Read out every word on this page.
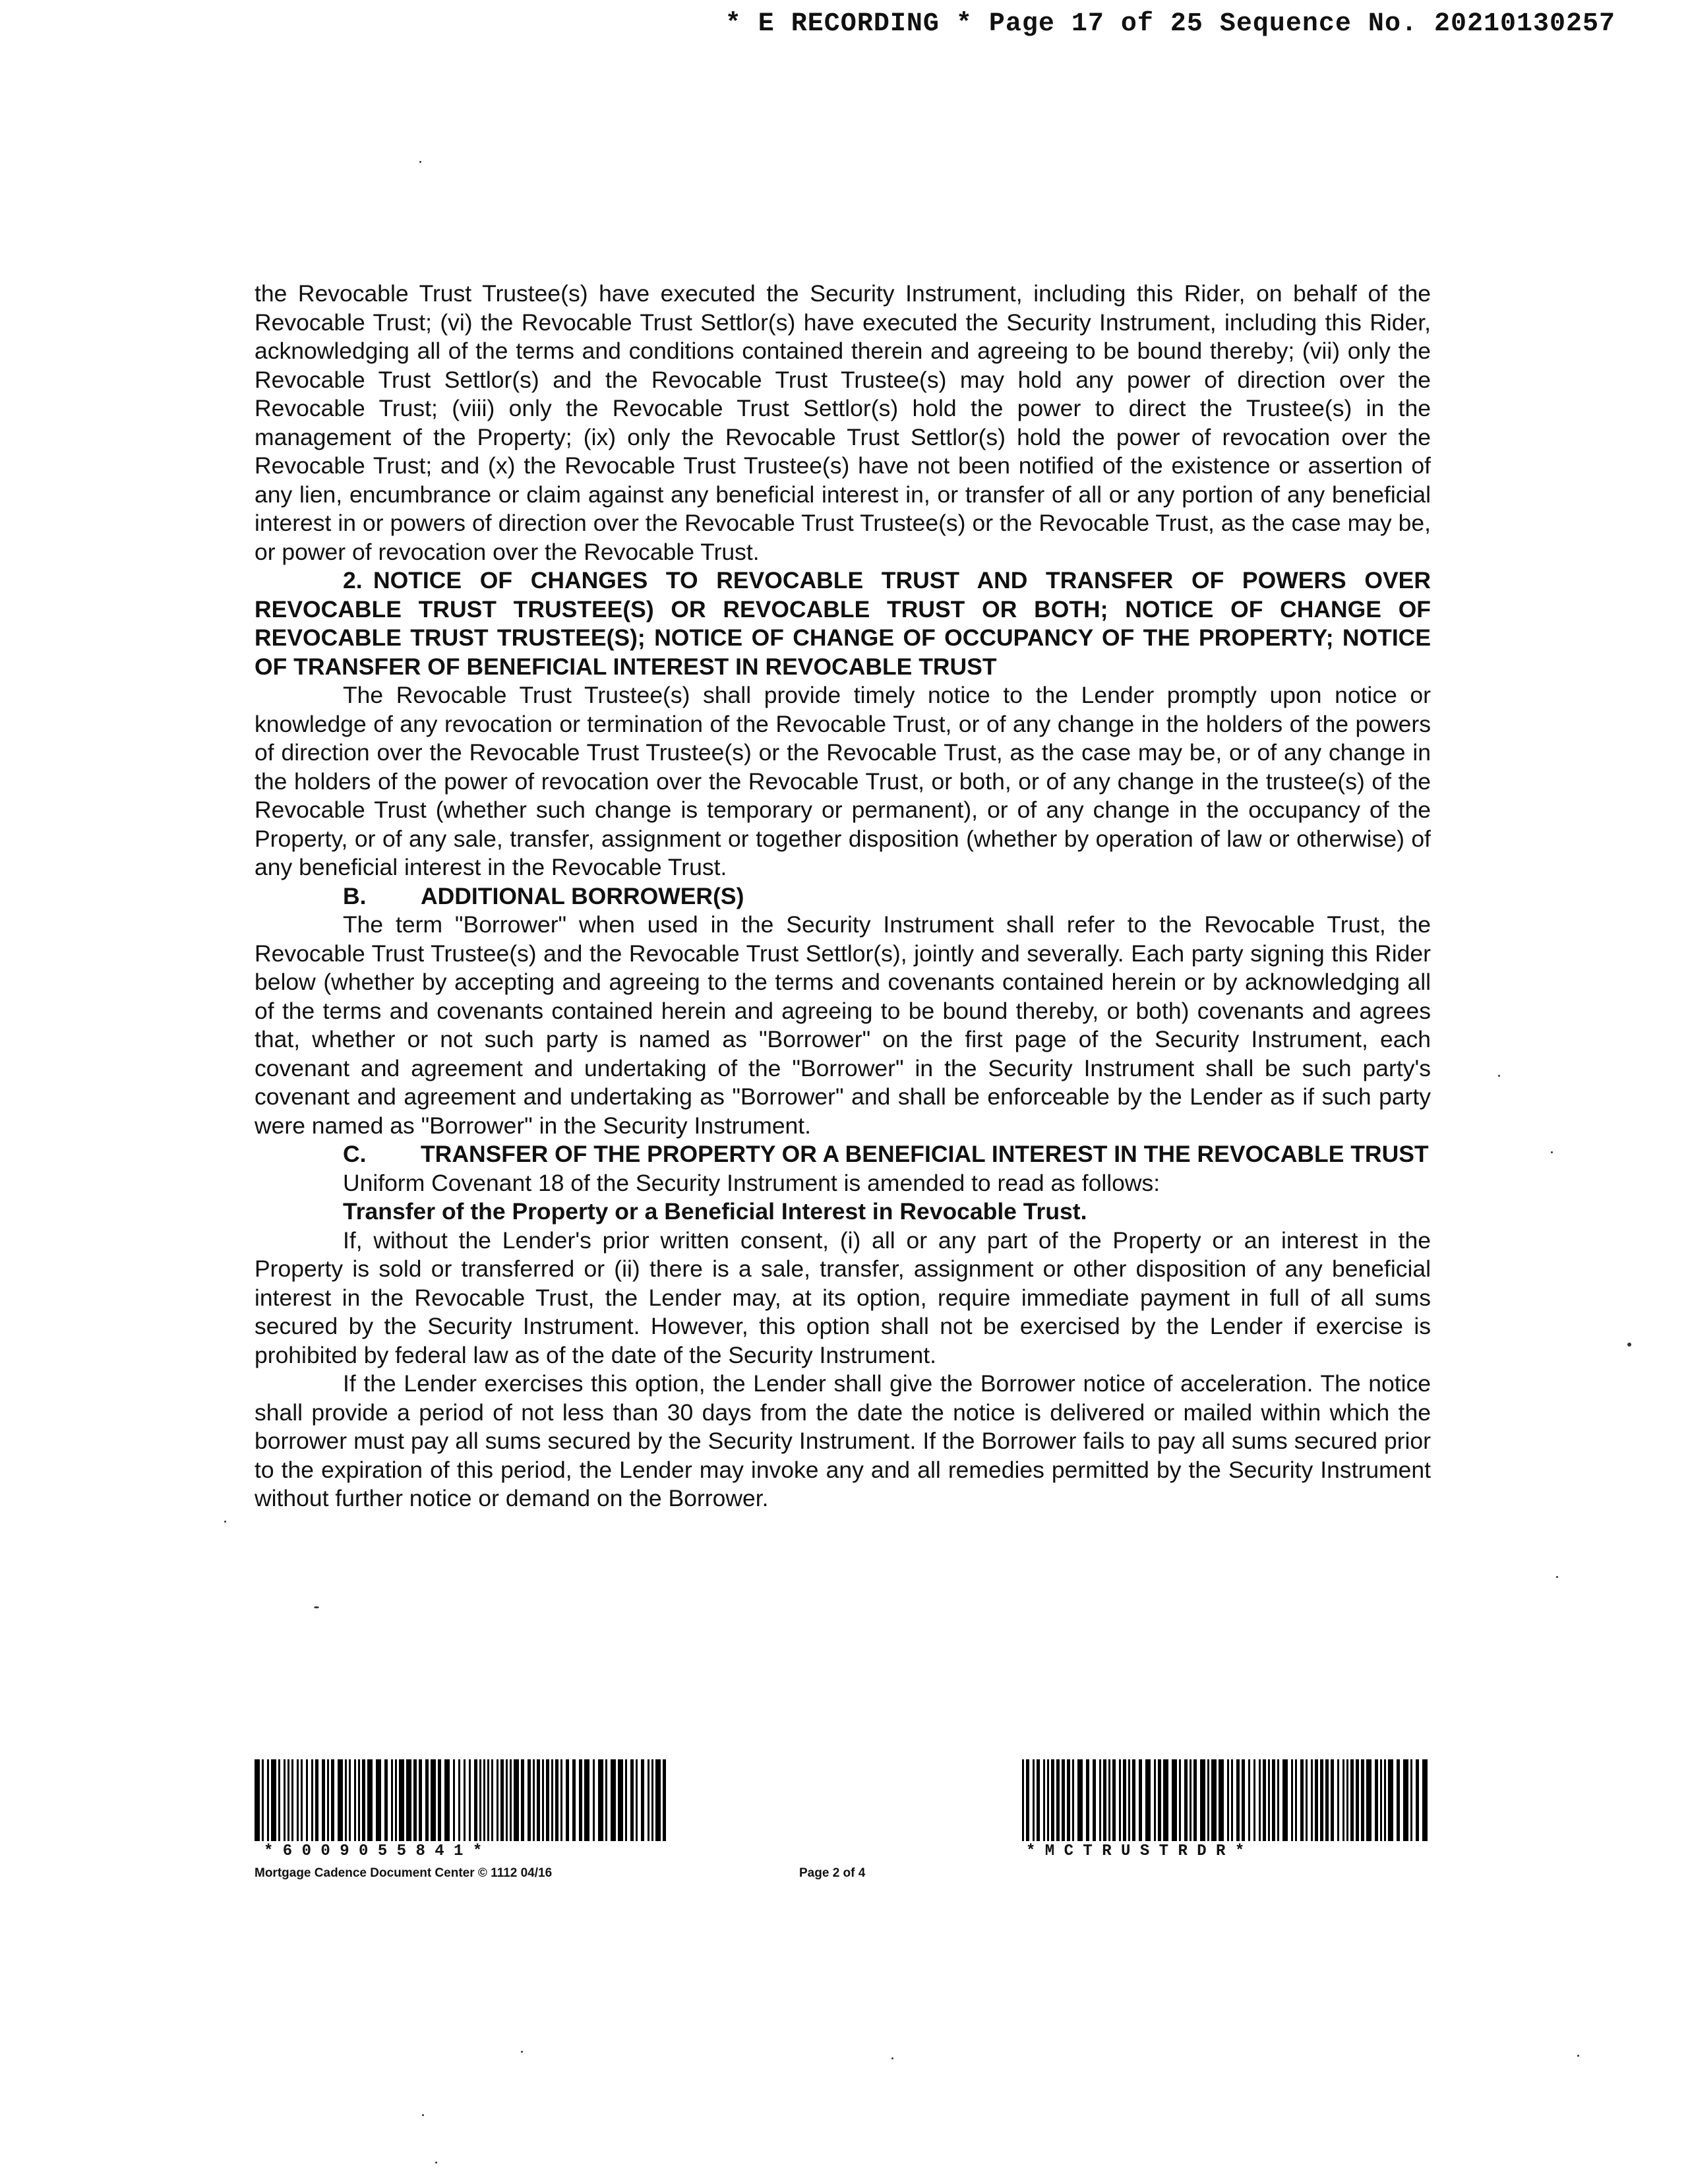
* E RECORDING * Page 17 of 25 Sequence No. 20210130257

the Revocable Trust Trustee(s) have executed the Security Instrument, including this Rider, on behalf of the Revocable Trust; (vi) the Revocable Trust Settlor(s) have executed the Security Instrument, including this Rider, acknowledging all of the terms and conditions contained therein and agreeing to be bound thereby; (vii) only the Revocable Trust Settlor(s) and the Revocable Trust Trustee(s) may hold any power of direction over the Revocable Trust; (viii) only the Revocable Trust Settlor(s) hold the power to direct the Trustee(s) in the management of the Property; (ix) only the Revocable Trust Settlor(s) hold the power of revocation over the Revocable Trust; and (x) the Revocable Trust Trustee(s) have not been notified of the existence or assertion of any lien, encumbrance or claim against any beneficial interest in, or transfer of all or any portion of any beneficial interest in or powers of direction over the Revocable Trust Trustee(s) or the Revocable Trust, as the case may be, or power of revocation over the Revocable Trust.

2. NOTICE OF CHANGES TO REVOCABLE TRUST AND TRANSFER OF POWERS OVER REVOCABLE TRUST TRUSTEE(S) OR REVOCABLE TRUST OR BOTH; NOTICE OF CHANGE OF REVOCABLE TRUST TRUSTEE(S); NOTICE OF CHANGE OF OCCUPANCY OF THE PROPERTY; NOTICE OF TRANSFER OF BENEFICIAL INTEREST IN REVOCABLE TRUST

The Revocable Trust Trustee(s) shall provide timely notice to the Lender promptly upon notice or knowledge of any revocation or termination of the Revocable Trust, or of any change in the holders of the powers of direction over the Revocable Trust Trustee(s) or the Revocable Trust, as the case may be, or of any change in the holders of the power of revocation over the Revocable Trust, or both, or of any change in the trustee(s) of the Revocable Trust (whether such change is temporary or permanent), or of any change in the occupancy of the Property, or of any sale, transfer, assignment or together disposition (whether by operation of law or otherwise) of any beneficial interest in the Revocable Trust.

B. ADDITIONAL BORROWER(S)

The term "Borrower" when used in the Security Instrument shall refer to the Revocable Trust, the Revocable Trust Trustee(s) and the Revocable Trust Settlor(s), jointly and severally. Each party signing this Rider below (whether by accepting and agreeing to the terms and covenants contained herein or by acknowledging all of the terms and covenants contained herein and agreeing to be bound thereby, or both) covenants and agrees that, whether or not such party is named as "Borrower" on the first page of the Security Instrument, each covenant and agreement and undertaking of the "Borrower" in the Security Instrument shall be such party's covenant and agreement and undertaking as "Borrower" and shall be enforceable by the Lender as if such party were named as "Borrower" in the Security Instrument.

C. TRANSFER OF THE PROPERTY OR A BENEFICIAL INTEREST IN THE REVOCABLE TRUST

Uniform Covenant 18 of the Security Instrument is amended to read as follows:

Transfer of the Property or a Beneficial Interest in Revocable Trust.

If, without the Lender's prior written consent, (i) all or any part of the Property or an interest in the Property is sold or transferred or (ii) there is a sale, transfer, assignment or other disposition of any beneficial interest in the Revocable Trust, the Lender may, at its option, require immediate payment in full of all sums secured by the Security Instrument. However, this option shall not be exercised by the Lender if exercise is prohibited by federal law as of the date of the Security Instrument.

If the Lender exercises this option, the Lender shall give the Borrower notice of acceleration. The notice shall provide a period of not less than 30 days from the date the notice is delivered or mailed within which the borrower must pay all sums secured by the Security Instrument. If the Borrower fails to pay all sums secured prior to the expiration of this period, the Lender may invoke any and all remedies permitted by the Security Instrument without further notice or demand on the Borrower.

* 6 0 0 9 0 5 5 8 4 1 *	* M C T R U S T R D R *
Mortgage Cadence Document Center © 1112 04/16	Page 2 of 4
